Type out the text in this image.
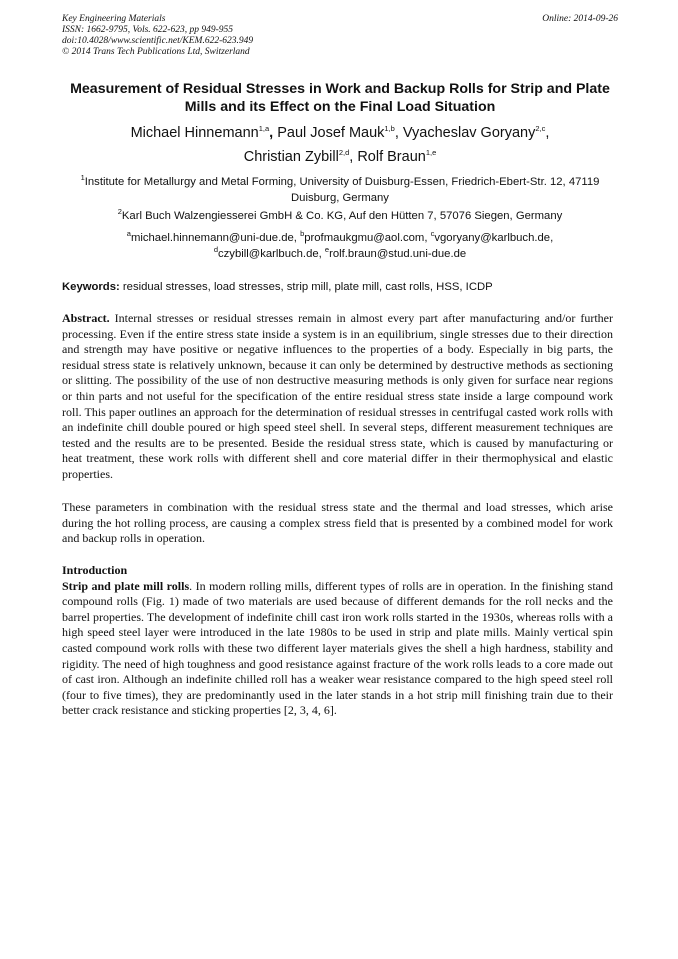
Key Engineering Materials
ISSN: 1662-9795, Vols. 622-623, pp 949-955
doi:10.4028/www.scientific.net/KEM.622-623.949
© 2014 Trans Tech Publications Ltd, Switzerland
Online: 2014-09-26
Measurement of Residual Stresses in Work and Backup Rolls for Strip and Plate Mills and its Effect on the Final Load Situation
Michael Hinnemann$^{1,a}$, Paul Josef Mauk$^{1,b}$, Vyacheslav Goryany$^{2,c}$,
Christian Zybill$^{2,d}$, Rolf Braun$^{1,e}$
$^1$Institute for Metallurgy and Metal Forming, University of Duisburg-Essen, Friedrich-Ebert-Str. 12, 47119 Duisburg, Germany
$^2$Karl Buch Walzengiesserei GmbH & Co. KG, Auf den Hütten 7, 57076 Siegen, Germany
$^a$michael.hinnemann@uni-due.de, $^b$profmaukgmu@aol.com, $^c$vgoryany@karlbuch.de,
$^d$czybill@karlbuch.de, $^e$rolf.braun@stud.uni-due.de
Keywords: residual stresses, load stresses, strip mill, plate mill, cast rolls, HSS, ICDP

Abstract. Internal stresses or residual stresses remain in almost every part after manufacturing and/or further processing. Even if the entire stress state inside a system is in an equilibrium, single stresses due to their direction and strength may have positive or negative influences to the properties of a body. Especially in big parts, the residual stress state is relatively unknown, because it can only be determined by destructive methods as sectioning or slitting. The possibility of the use of non destructive measuring methods is only given for surface near regions or thin parts and not useful for the specification of the entire residual stress state inside a large compound work roll. This paper outlines an approach for the determination of residual stresses in centrifugal casted work rolls with an indefinite chill double poured or high speed steel shell. In several steps, different measurement techniques are tested and the results are to be presented. Beside the residual stress state, which is caused by manufacturing or heat treatment, these work rolls with different shell and core material differ in their thermophysical and elastic properties.

These parameters in combination with the residual stress state and the thermal and load stresses, which arise during the hot rolling process, are causing a complex stress field that is presented by a combined model for work and backup rolls in operation.

Introduction

Strip and plate mill rolls. In modern rolling mills, different types of rolls are in operation. In the finishing stand compound rolls (Fig. 1) made of two materials are used because of different demands for the roll necks and the barrel properties. The development of indefinite chill cast iron work rolls started in the 1930s, whereas rolls with a high speed steel layer were introduced in the late 1980s to be used in strip and plate mills. Mainly vertical spin casted compound work rolls with these two different layer materials gives the shell a high hardness, stability and rigidity. The need of high toughness and good resistance against fracture of the work rolls leads to a core made out of cast iron. Although an indefinite chilled roll has a weaker wear resistance compared to the high speed steel roll (four to five times), they are predominantly used in the later stands in a hot strip mill finishing train due to their better crack resistance and sticking properties [2, 3, 4, 6].
